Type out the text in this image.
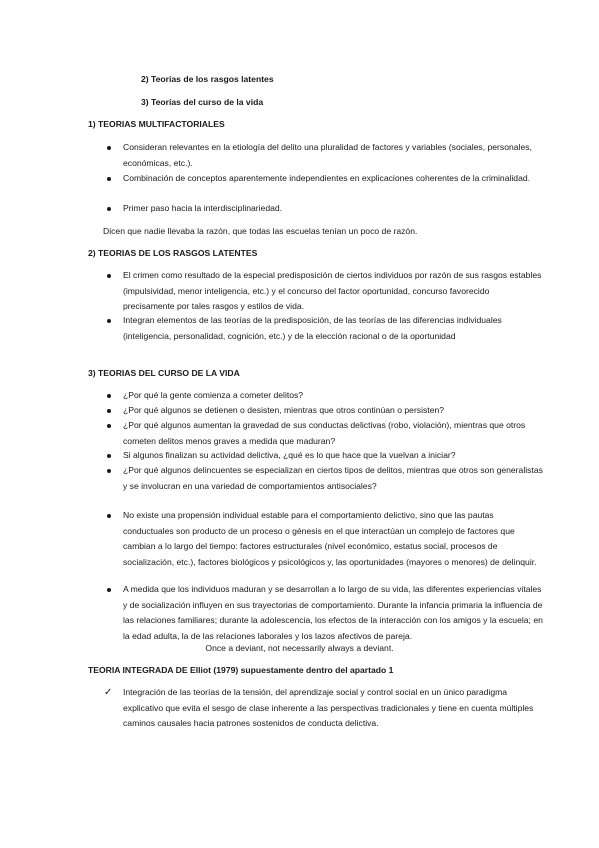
2) Teorías de los rasgos latentes
3) Teorías del curso de la vida
1) TEORIAS MULTIFACTORIALES
Consideran relevantes en la etiología del delito una pluralidad de factores y variables (sociales, personales, económicas, etc.).
Combinación de conceptos aparentemente independientes en explicaciones coherentes de la criminalidad.
Primer paso hacia la interdisciplinariedad.
Dicen que nadie llevaba la razón, que todas las escuelas tenían un poco de razón.
2) TEORIAS DE LOS RASGOS LATENTES
El crimen como resultado de la especial predisposición de ciertos individuos por razón de sus rasgos estables (impulsividad, menor inteligencia, etc.) y el concurso del factor oportunidad, concurso favorecido precisamente por tales rasgos y estilos de vida.
Integran elementos de las teorías de la predisposición, de las teorías de las diferencias individuales (inteligencia, personalidad, cognición, etc.) y de la elección racional o de la oportunidad
3) TEORIAS DEL CURSO DE LA VIDA
¿Por qué la gente comienza a cometer delitos?
¿Por qué algunos se detienen o desisten, mientras que otros continúan o persisten?
¿Por qué algunos aumentan la gravedad de sus conductas delictivas (robo, violación), mientras que otros cometen delitos menos graves a medida que maduran?
Si algunos finalizan su actividad delictiva, ¿qué es lo que hace que la vuelvan a iniciar?
¿Por qué algunos delincuentes se especializan en ciertos tipos de delitos, mientras que otros son generalistas y se involucran en una variedad de comportamientos antisociales?
No existe una propensión individual estable para el comportamiento delictivo, sino que las pautas conductuales son producto de un proceso o génesis en el que interactúan un complejo de factores que cambian a lo largo del tiempo: factores estructurales (nivel económico, estatus social, procesos de socialización, etc.), factores biológicos y psicológicos y, las oportunidades (mayores o menores) de delinquir.
A medida que los individuos maduran y se desarrollan a lo largo de su vida, las diferentes experiencias vitales y de socialización influyen en sus trayectorias de comportamiento. Durante la infancia primaria la influencia de las relaciones familiares; durante la adolescencia, los efectos de la interacción con los amigos y la escuela; en la edad adulta, la de las relaciones laborales y los lazos afectivos de pareja.
Once a deviant, not necessarily always a deviant.
TEORIA INTEGRADA DE Elliot (1979) supuestamente dentro del apartado 1
✓ Integración de las teorías de la tensión, del aprendizaje social y control social en un único paradigma explicativo que evita el sesgo de clase inherente a las perspectivas tradicionales y tiene en cuenta múltiples caminos causales hacia patrones sostenidos de conducta delictiva.
